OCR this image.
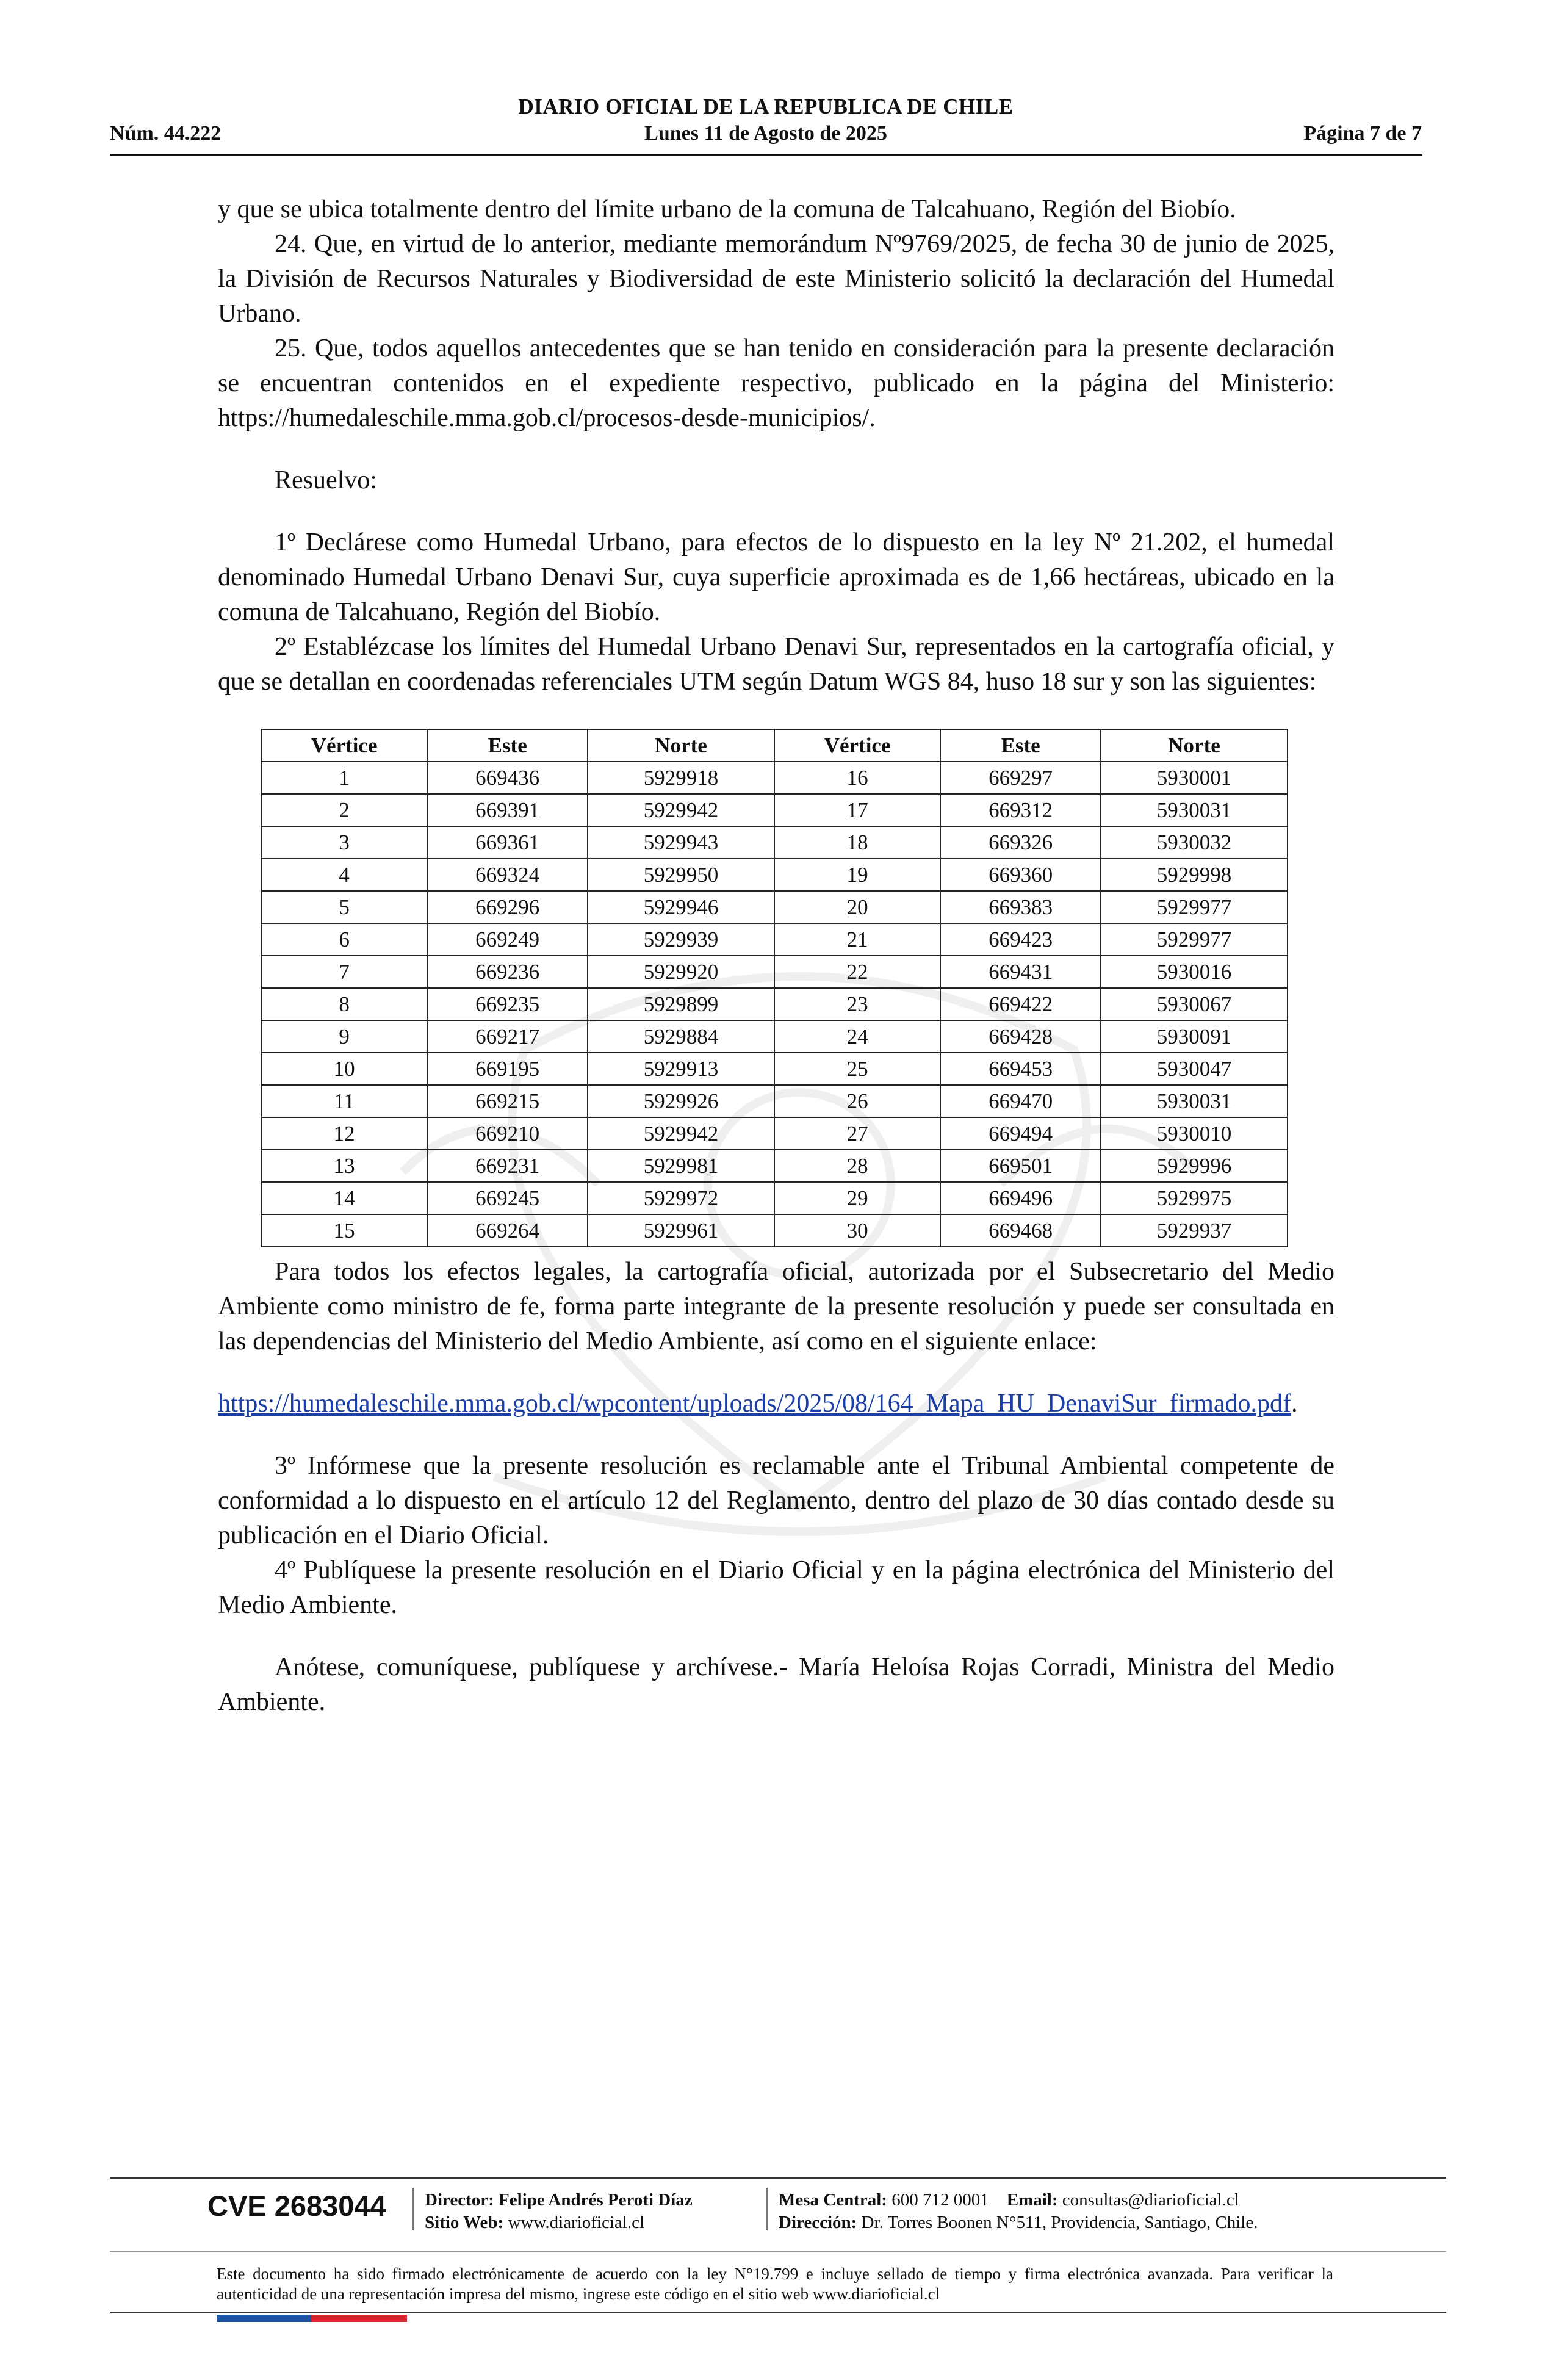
DIARIO OFICIAL DE LA REPUBLICA DE CHILE
Núm. 44.222	Lunes 11 de Agosto de 2025	Página 7 de 7

y que se ubica totalmente dentro del límite urbano de la comuna de Talcahuano, Región del Biobío.

24. Que, en virtud de lo anterior, mediante memorándum Nº9769/2025, de fecha 30 de junio de 2025, la División de Recursos Naturales y Biodiversidad de este Ministerio solicitó la declaración del Humedal Urbano.

25. Que, todos aquellos antecedentes que se han tenido en consideración para la presente declaración se encuentran contenidos en el expediente respectivo, publicado en la página del Ministerio: https://humedaleschile.mma.gob.cl/procesos-desde-municipios/.

Resuelvo:

1º Declárese como Humedal Urbano, para efectos de lo dispuesto en la ley Nº 21.202, el humedal denominado Humedal Urbano Denavi Sur, cuya superficie aproximada es de 1,66 hectáreas, ubicado en la comuna de Talcahuano, Región del Biobío.

2º Establézcase los límites del Humedal Urbano Denavi Sur, representados en la cartografía oficial, y que se detallan en coordenadas referenciales UTM según Datum WGS 84, huso 18 sur y son las siguientes:

Vértice	Este	Norte	Vértice	Este	Norte
1	669436	5929918	16	669297	5930001
2	669391	5929942	17	669312	5930031
3	669361	5929943	18	669326	5930032
4	669324	5929950	19	669360	5929998
5	669296	5929946	20	669383	5929977
6	669249	5929939	21	669423	5929977
7	669236	5929920	22	669431	5930016
8	669235	5929899	23	669422	5930067
9	669217	5929884	24	669428	5930091
10	669195	5929913	25	669453	5930047
11	669215	5929926	26	669470	5930031
12	669210	5929942	27	669494	5930010
13	669231	5929981	28	669501	5929996
14	669245	5929972	29	669496	5929975
15	669264	5929961	30	669468	5929937

Para todos los efectos legales, la cartografía oficial, autorizada por el Subsecretario del Medio Ambiente como ministro de fe, forma parte integrante de la presente resolución y puede ser consultada en las dependencias del Ministerio del Medio Ambiente, así como en el siguiente enlace:

https://humedaleschile.mma.gob.cl/wpcontent/uploads/2025/08/164_Mapa_HU_DenaviSur_firmado.pdf.

3º Infórmese que la presente resolución es reclamable ante el Tribunal Ambiental competente de conformidad a lo dispuesto en el artículo 12 del Reglamento, dentro del plazo de 30 días contado desde su publicación en el Diario Oficial.

4º Publíquese la presente resolución en el Diario Oficial y en la página electrónica del Ministerio del Medio Ambiente.

Anótese, comuníquese, publíquese y archívese.- María Heloísa Rojas Corradi, Ministra del Medio Ambiente.

CVE 2683044 Director: Felipe Andrés Peroti Díaz
Sitio Web: www.diarioficial.cl
Mesa Central: 600 712 0001 Email: consultas@diarioficial.cl
Dirección: Dr. Torres Boonen N°511, Providencia, Santiago, Chile.
Este documento ha sido firmado electrónicamente de acuerdo con la ley N°19.799 e incluye sellado de tiempo y firma electrónica avanzada. Para verificar la autenticidad de una representación impresa del mismo, ingrese este código en el sitio web www.diarioficial.cl
